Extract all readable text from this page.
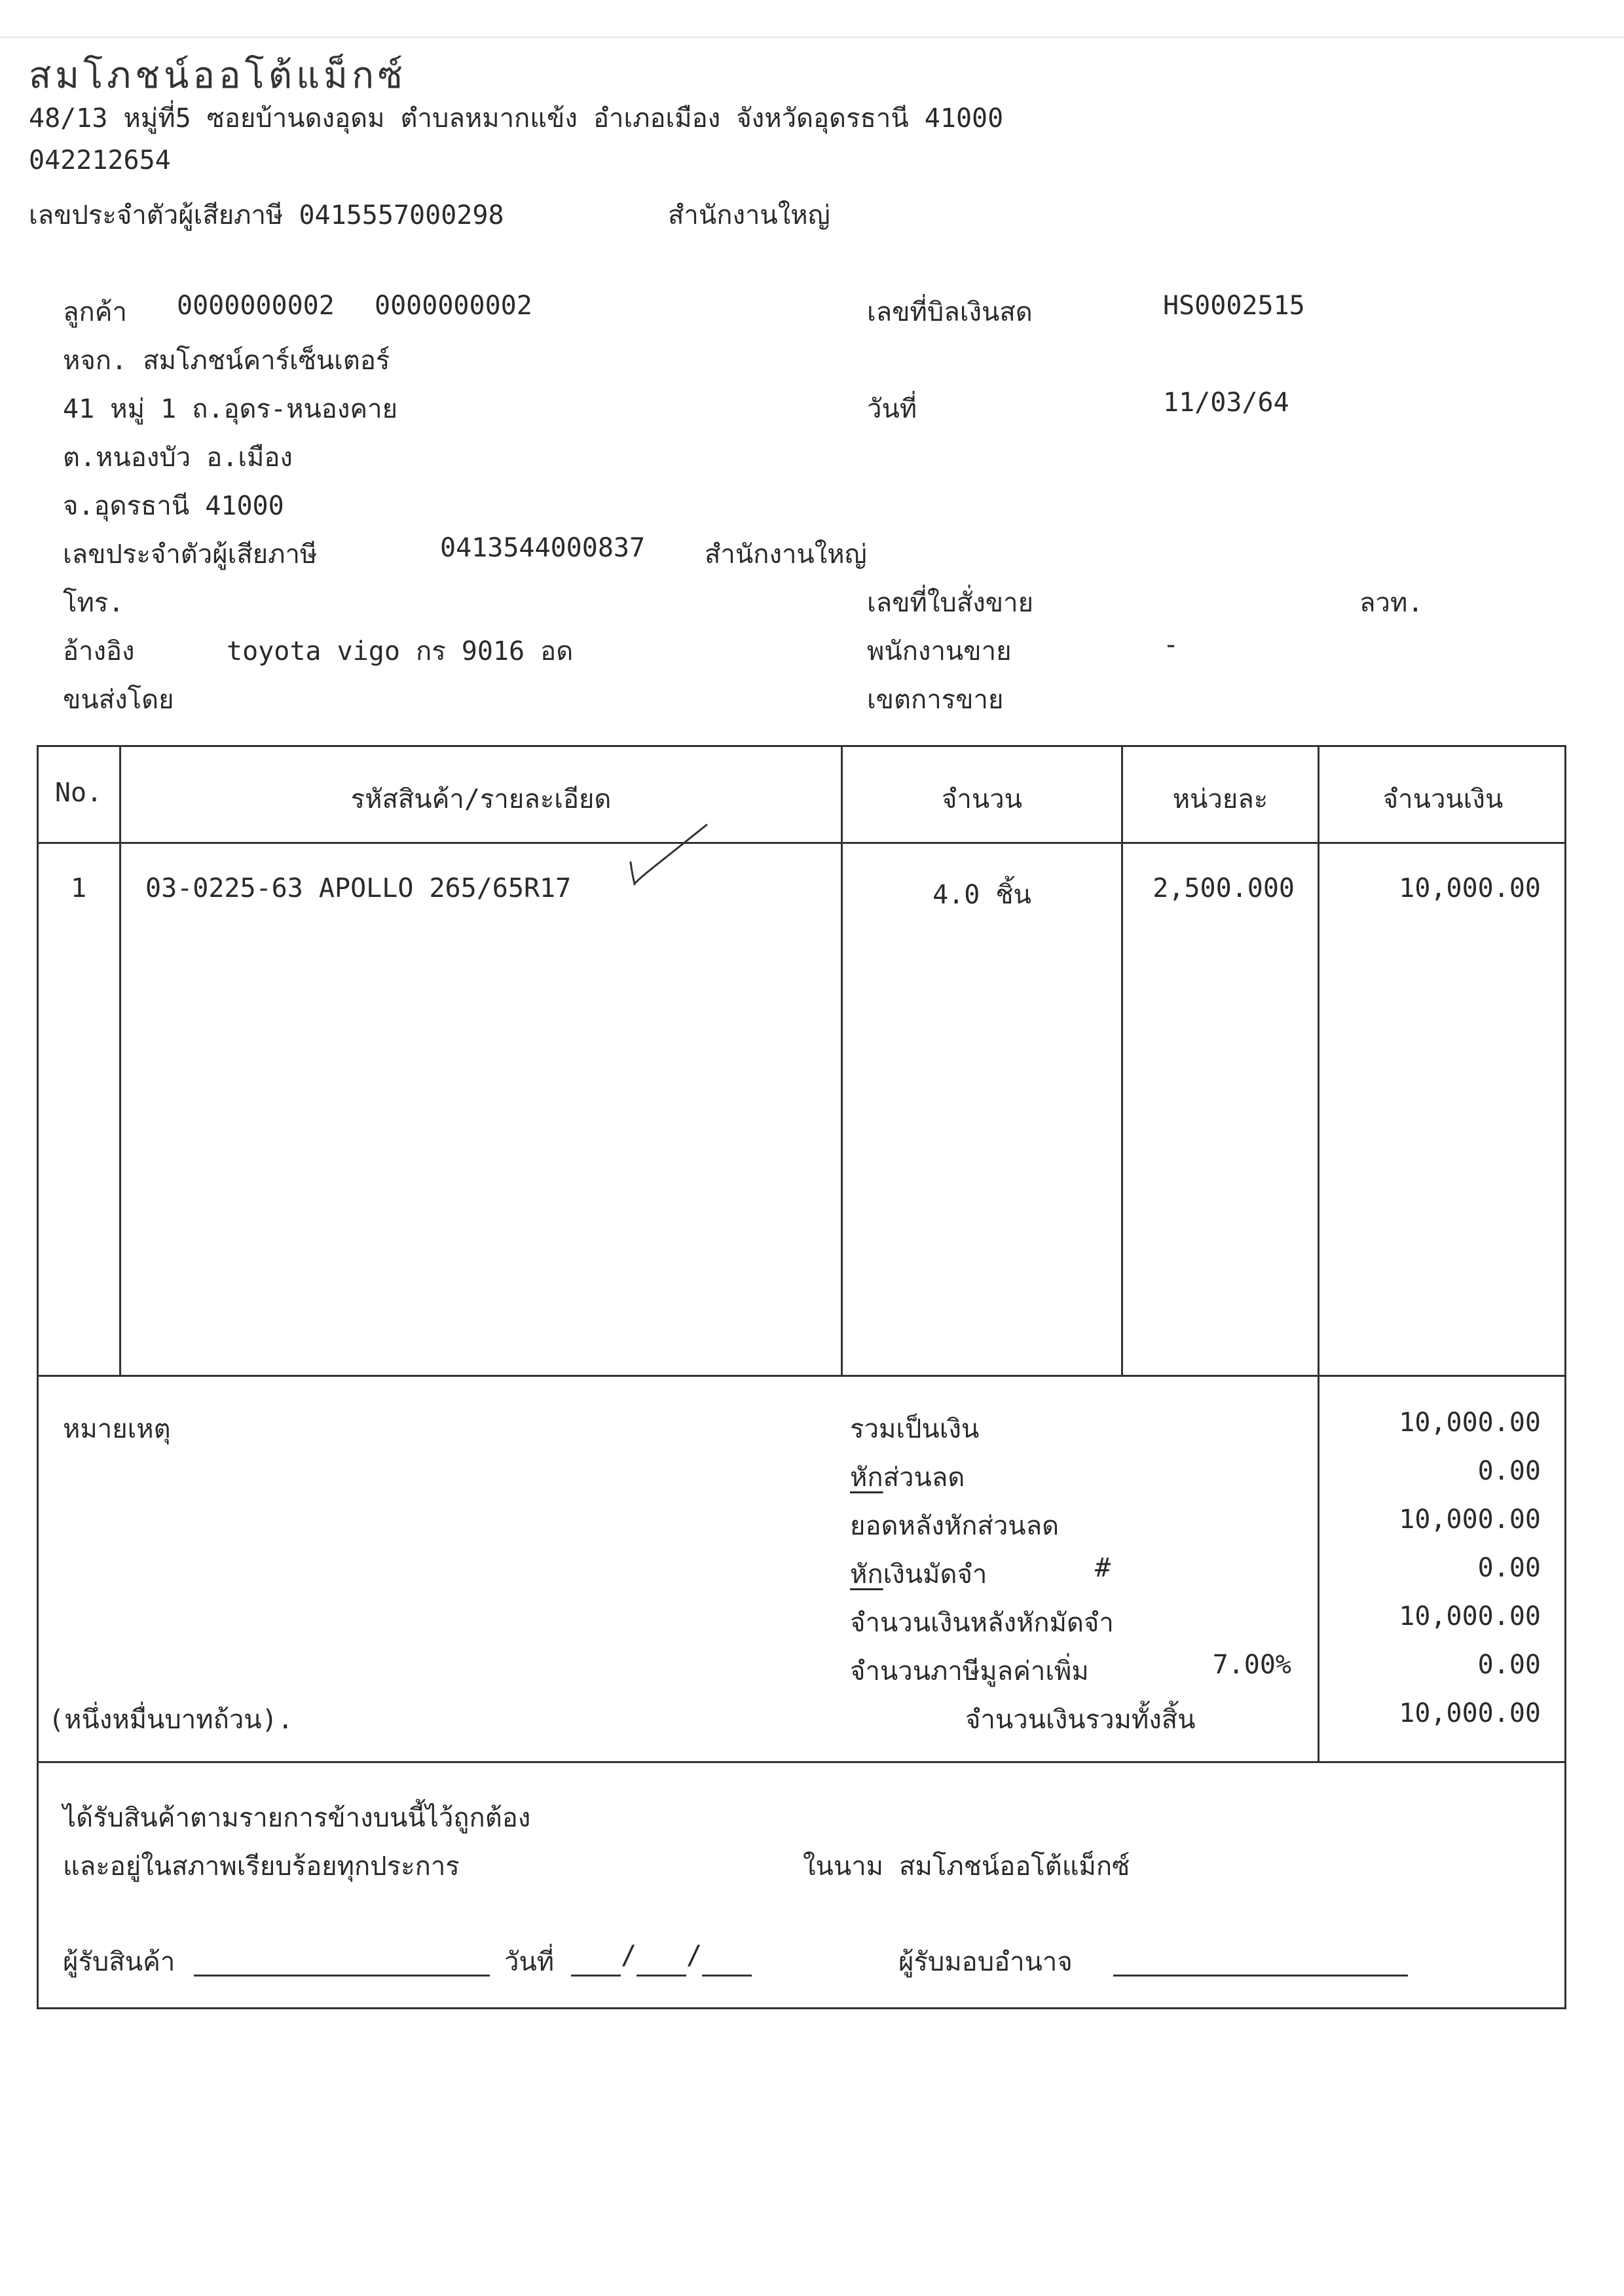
สมโภชน์ออโต้แม็กซ์
48/13 หมู่ที่5 ซอยบ้านดงอุดม ตำบลหมากแข้ง อำเภอเมือง จังหวัดอุดรธานี 41000
042212654
เลขประจำตัวผู้เสียภาษี 0415557000298	สำนักงานใหญ่
ลูกค้า 0000000002 0000000002
หจก. สมโภชน์คาร์เซ็นเตอร์
41 หมู่ 1 ถ.อุดร-หนองคาย
ต.หนองบัว อ.เมือง
จ.อุดรธานี 41000
เลขประจำตัวผู้เสียภาษี	0413544000837 สำนักงานใหญ่
โทร.
อ้างอิง	toyota vigo กร 9016 อด
ขนส่งโดย
เลขที่บิลเงินสด	HS0002515
วันที่	11/03/64
เลขที่ใบสั่งขาย	ลวท.
พนักงานขาย	-
เขตการขาย
No.	รหัสสินค้า/รายละเอียด	จำนวน	หน่วยละ	จำนวนเงิน
1	03-0225-63 APOLLO 265/65R17	4.0 ชิ้น	2,500.000	10,000.00
หมายเหตุ
(หนึ่งหมื่นบาทถ้วน).
รวมเป็นเงิน	10,000.00
หักส่วนลด	0.00
ยอดหลังหักส่วนลด	10,000.00
หักเงินมัดจำ	#	0.00
จำนวนเงินหลังหักมัดจำ	10,000.00
จำนวนภาษีมูลค่าเพิ่ม	7.00%	0.00
จำนวนเงินรวมทั้งสิ้น	10,000.00
ได้รับสินค้าตามรายการข้างบนนี้ไว้ถูกต้อง
และอยู่ในสภาพเรียบร้อยทุกประการ	ในนาม สมโภชน์ออโต้แม็กซ์
ผู้รับสินค้า	วันที่	/ /	ผู้รับมอบอำนาจ
